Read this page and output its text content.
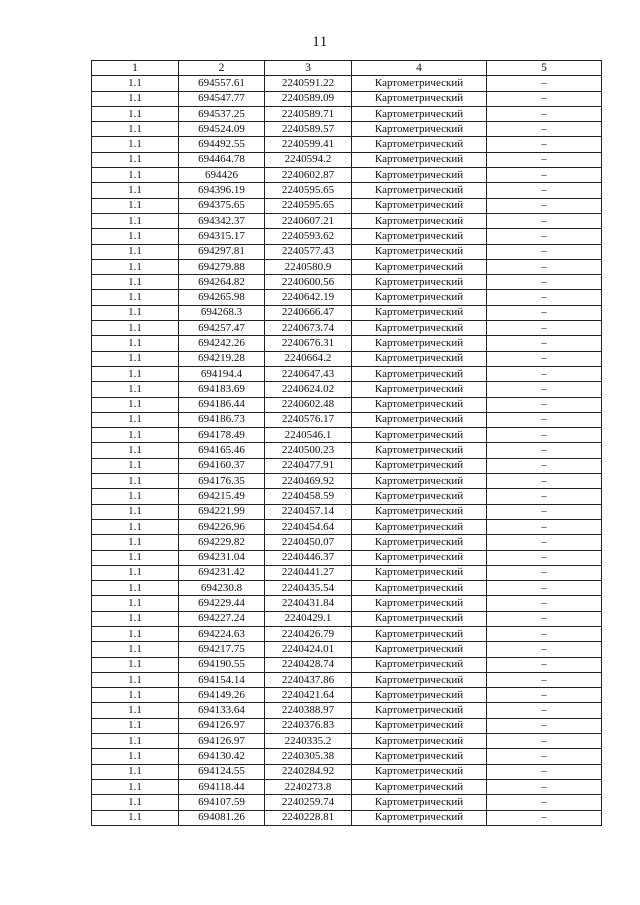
11
1	2	3	4	5
1.1	694557.61	2240591.22	Картометрический	–
1.1	694547.77	2240589.09	Картометрический	–
1.1	694537.25	2240589.71	Картометрический	–
1.1	694524.09	2240589.57	Картометрический	–
1.1	694492.55	2240599.41	Картометрический	–
1.1	694464.78	2240594.2	Картометрический	–
1.1	694426	2240602.87	Картометрический	–
1.1	694396.19	2240595.65	Картометрический	–
1.1	694375.65	2240595.65	Картометрический	–
1.1	694342.37	2240607.21	Картометрический	–
1.1	694315.17	2240593.62	Картометрический	–
1.1	694297.81	2240577.43	Картометрический	–
1.1	694279.88	2240580.9	Картометрический	–
1.1	694264.82	2240600.56	Картометрический	–
1.1	694265.98	2240642.19	Картометрический	–
1.1	694268.3	2240666.47	Картометрический	–
1.1	694257.47	2240673.74	Картометрический	–
1.1	694242.26	2240676.31	Картометрический	–
1.1	694219.28	2240664.2	Картометрический	–
1.1	694194.4	2240647.43	Картометрический	–
1.1	694183.69	2240624.02	Картометрический	–
1.1	694186.44	2240602.48	Картометрический	–
1.1	694186.73	2240576.17	Картометрический	–
1.1	694178.49	2240546.1	Картометрический	–
1.1	694165.46	2240500.23	Картометрический	–
1.1	694160.37	2240477.91	Картометрический	–
1.1	694176.35	2240469.92	Картометрический	–
1.1	694215.49	2240458.59	Картометрический	–
1.1	694221.99	2240457.14	Картометрический	–
1.1	694226.96	2240454.64	Картометрический	–
1.1	694229.82	2240450.07	Картометрический	–
1.1	694231.04	2240446.37	Картометрический	–
1.1	694231.42	2240441.27	Картометрический	–
1.1	694230.8	2240435.54	Картометрический	–
1.1	694229.44	2240431.84	Картометрический	–
1.1	694227.24	2240429.1	Картометрический	–
1.1	694224.63	2240426.79	Картометрический	–
1.1	694217.75	2240424.01	Картометрический	–
1.1	694190.55	2240428.74	Картометрический	–
1.1	694154.14	2240437.86	Картометрический	–
1.1	694149.26	2240421.64	Картометрический	–
1.1	694133.64	2240388.97	Картометрический	–
1.1	694126.97	2240376.83	Картометрический	–
1.1	694126.97	2240335.2	Картометрический	–
1.1	694130.42	2240305.38	Картометрический	–
1.1	694124.55	2240284.92	Картометрический	–
1.1	694118.44	2240273.8	Картометрический	–
1.1	694107.59	2240259.74	Картометрический	–
1.1	694081.26	2240228.81	Картометрический	–
